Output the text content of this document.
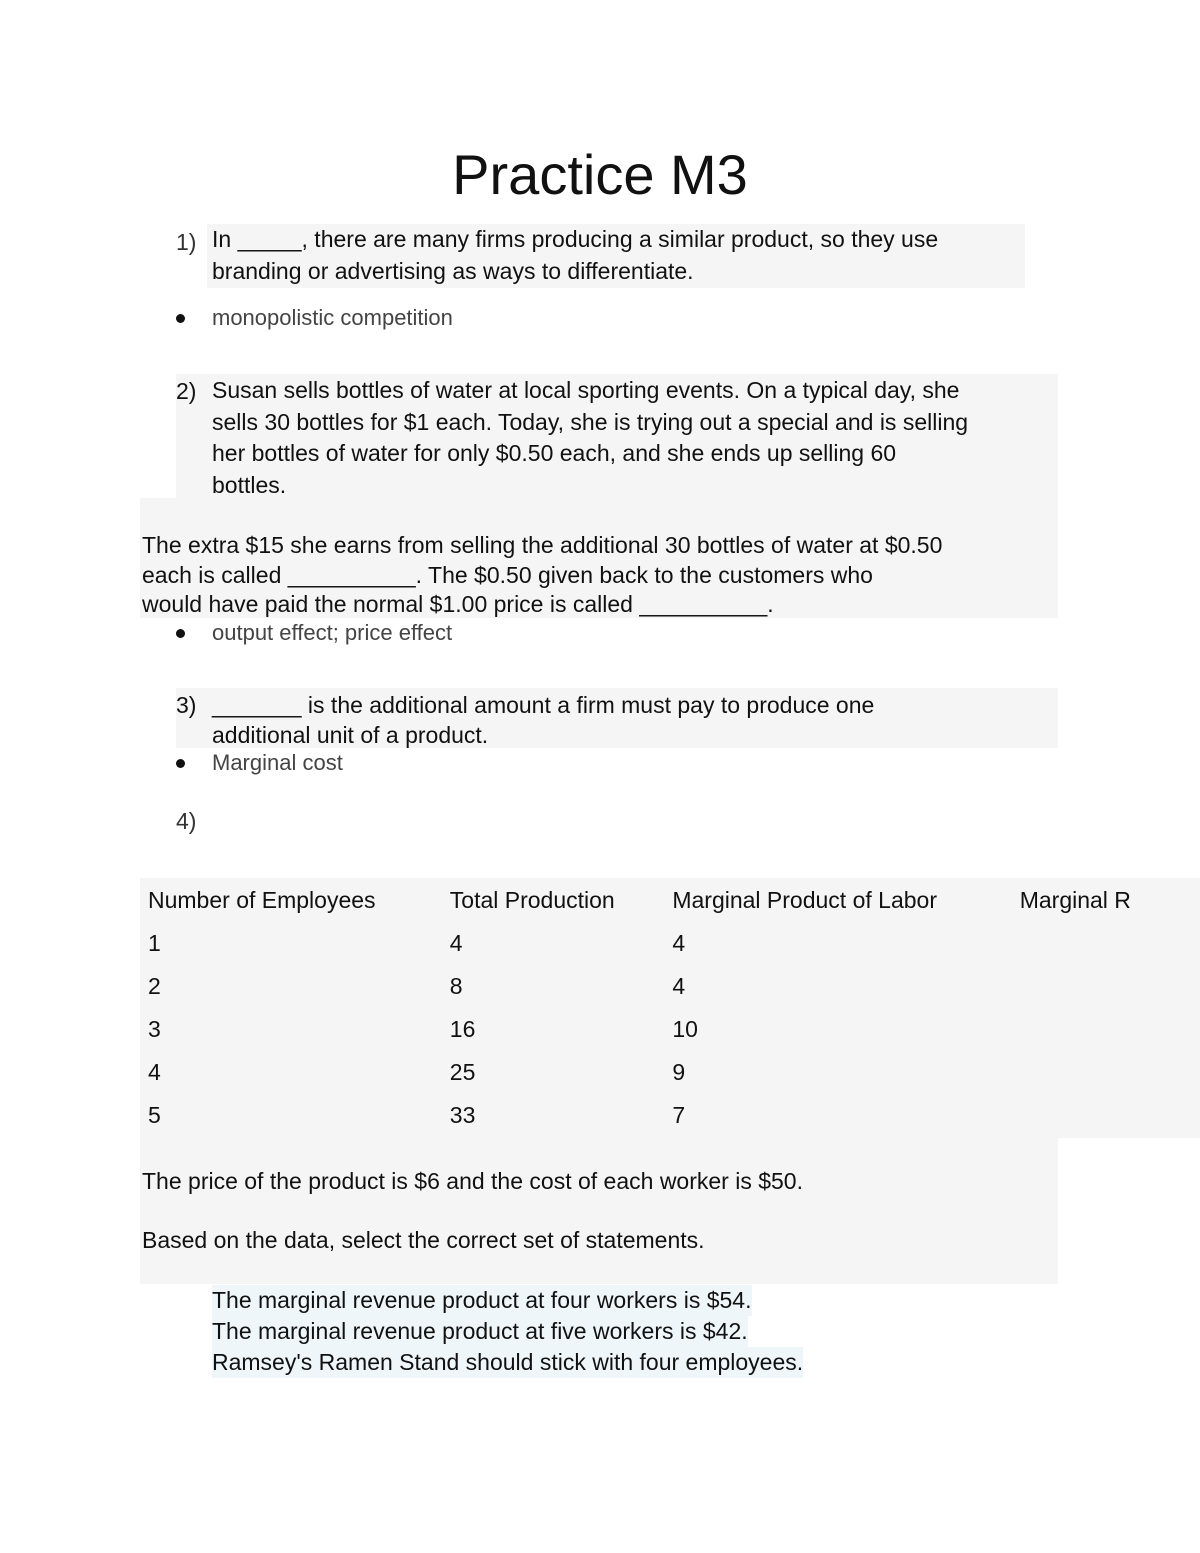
Practice M3
1) In _____, there are many firms producing a similar product, so they use
branding or advertising as ways to differentiate.
monopolistic competition
2) Susan sells bottles of water at local sporting events. On a typical day, she
sells 30 bottles for $1 each. Today, she is trying out a special and is selling
her bottles of water for only $0.50 each, and she ends up selling 60
bottles.
The extra $15 she earns from selling the additional 30 bottles of water at $0.50
each is called __________. The $0.50 given back to the customers who
would have paid the normal $1.00 price is called __________.
output effect; price effect
3) _______ is the additional amount a firm must pay to produce one
additional unit of a product.
Marginal cost
4)
Number of Employees	Total Production	Marginal Product of Labor	Marginal R
1	4	4	
2	8	4	
3	16	10	
4	25	9	
5	33	7	
The price of the product is $6 and the cost of each worker is $50.
Based on the data, select the correct set of statements.
The marginal revenue product at four workers is $54.
The marginal revenue product at five workers is $42.
Ramsey's Ramen Stand should stick with four employees.
